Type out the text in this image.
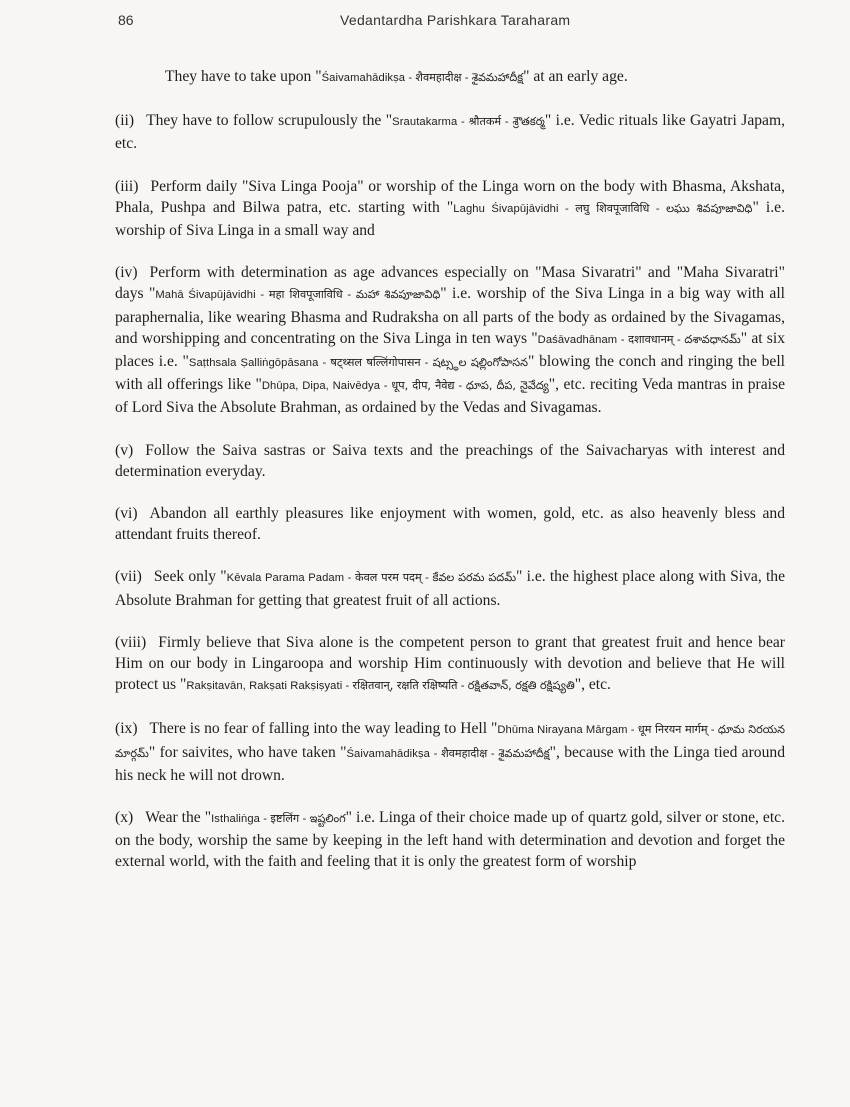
86	Vedantardha Parishkara Taraharam

They have to take upon "Śaivamahādikṣa - शैवमहादीक्ष - శైవమహాదీక్ష" at an early age.

(ii) They have to follow scrupulously the "Srautakarma - श्रौतकर्म - శ్రౌతకర్మ" i.e. Vedic rituals like Gayatri Japam, etc.

(iii) Perform daily "Siva Linga Pooja" or worship of the Linga worn on the body with Bhasma, Akshata, Phala, Pushpa and Bilwa patra, etc. starting with "Laghu Śivapūjāvidhi - लघु शिवपूजाविधि - లఘు శివపూజావిధి" i.e. worship of Siva Linga in a small way and

(iv) Perform with determination as age advances especially on "Masa Sivaratri" and "Maha Sivaratri" days "Mahā Śivapūjāvidhi - महा शिवपूजाविधि - మహా శివపూజావిధి" i.e. worship of the Siva Linga in a big way with all paraphernalia, like wearing Bhasma and Rudraksha on all parts of the body as ordained by the Sivagamas, and worshipping and concentrating on the Siva Linga in ten ways "Daśāvadhānam - दशावधानम् - దశావధానమ్" at six places i.e. "Saṭthsala Ṣalliṅgōpāsana - षट्थ्सल षल्लिंगोपासन - షట్స్థల షల్లింగోపాసన" blowing the conch and ringing the bell with all offerings like "Dhūpa, Dipa, Naivēdya - धूप, दीप, नैवेद्य - ధూప, దీప, నైవేద్య", etc. reciting Veda mantras in praise of Lord Siva the Absolute Brahman, as ordained by the Vedas and Sivagamas.

(v) Follow the Saiva sastras or Saiva texts and the preachings of the Saivacharyas with interest and determination everyday.

(vi) Abandon all earthly pleasures like enjoyment with women, gold, etc. as also heavenly bless and attendant fruits thereof.

(vii) Seek only "Kēvala Parama Padam - केवल परम पदम् - కేవల పరమ పదమ్" i.e. the highest place along with Siva, the Absolute Brahman for getting that greatest fruit of all actions.

(viii) Firmly believe that Siva alone is the competent person to grant that greatest fruit and hence bear Him on our body in Lingaroopa and worship Him continuously with devotion and believe that He will protect us "Rakṣitavān, Rakṣati Rakṣiṣyati - रक्षितवान्, रक्षति रक्षिष्यति - రక్షితవాన్, రక్షతి రక్షిష్యతి", etc.

(ix) There is no fear of falling into the way leading to Hell "Dhūma Nirayana Mārgam - धूम निरयन मार्गम् - ధూమ నిరయన మార్గమ్" for saivites, who have taken "Śaivamahādikṣa - शैवमहादीक्ष - శైవమహాదీక్ష", because with the Linga tied around his neck he will not drown.

(x) Wear the "Isthaliṅga - इष्टलिंग - ఇష్టలింగ" i.e. Linga of their choice made up of quartz gold, silver or stone, etc. on the body, worship the same by keeping in the left hand with determination and devotion and forget the external world, with the faith and feeling that it is only the greatest form of worship
